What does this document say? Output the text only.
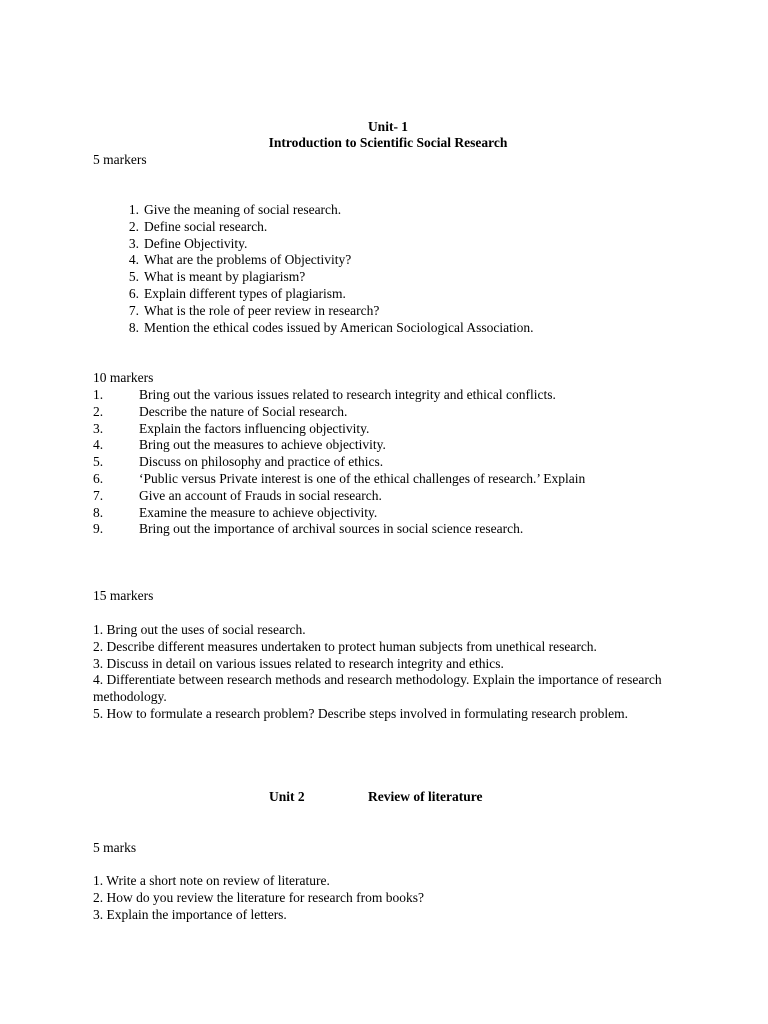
Unit- 1
Introduction to Scientific Social Research
5 markers
1. Give the meaning of social research.
2. Define social research.
3. Define Objectivity.
4. What are the problems of Objectivity?
5. What is meant by plagiarism?
6. Explain different types of plagiarism.
7. What is the role of peer review in research?
8. Mention the ethical codes issued by American Sociological Association.
10 markers
1.	Bring out the various issues related to research integrity and ethical conflicts.
2.	Describe the nature of Social research.
3.	Explain the factors influencing objectivity.
4.	Bring out the measures to achieve objectivity.
5.	Discuss on philosophy and practice of ethics.
6.	‘Public versus Private interest is one of the ethical challenges of research.’ Explain
7.	Give an account of Frauds in social research.
8.	Examine the measure to achieve objectivity.
9.	Bring out the importance of archival sources in social science research.
15 markers
1. Bring out the uses of social research.
2. Describe different measures undertaken to protect human subjects from unethical research.
3. Discuss in detail on various issues related to research integrity and ethics.
4. Differentiate between research methods and research methodology. Explain the importance of research methodology.
5. How to formulate a research problem? Describe steps involved in formulating research problem.
Unit 2	Review of literature
5 marks
1. Write a short note on review of literature.
2. How do you review the literature for research from books?
3. Explain the importance of letters.
